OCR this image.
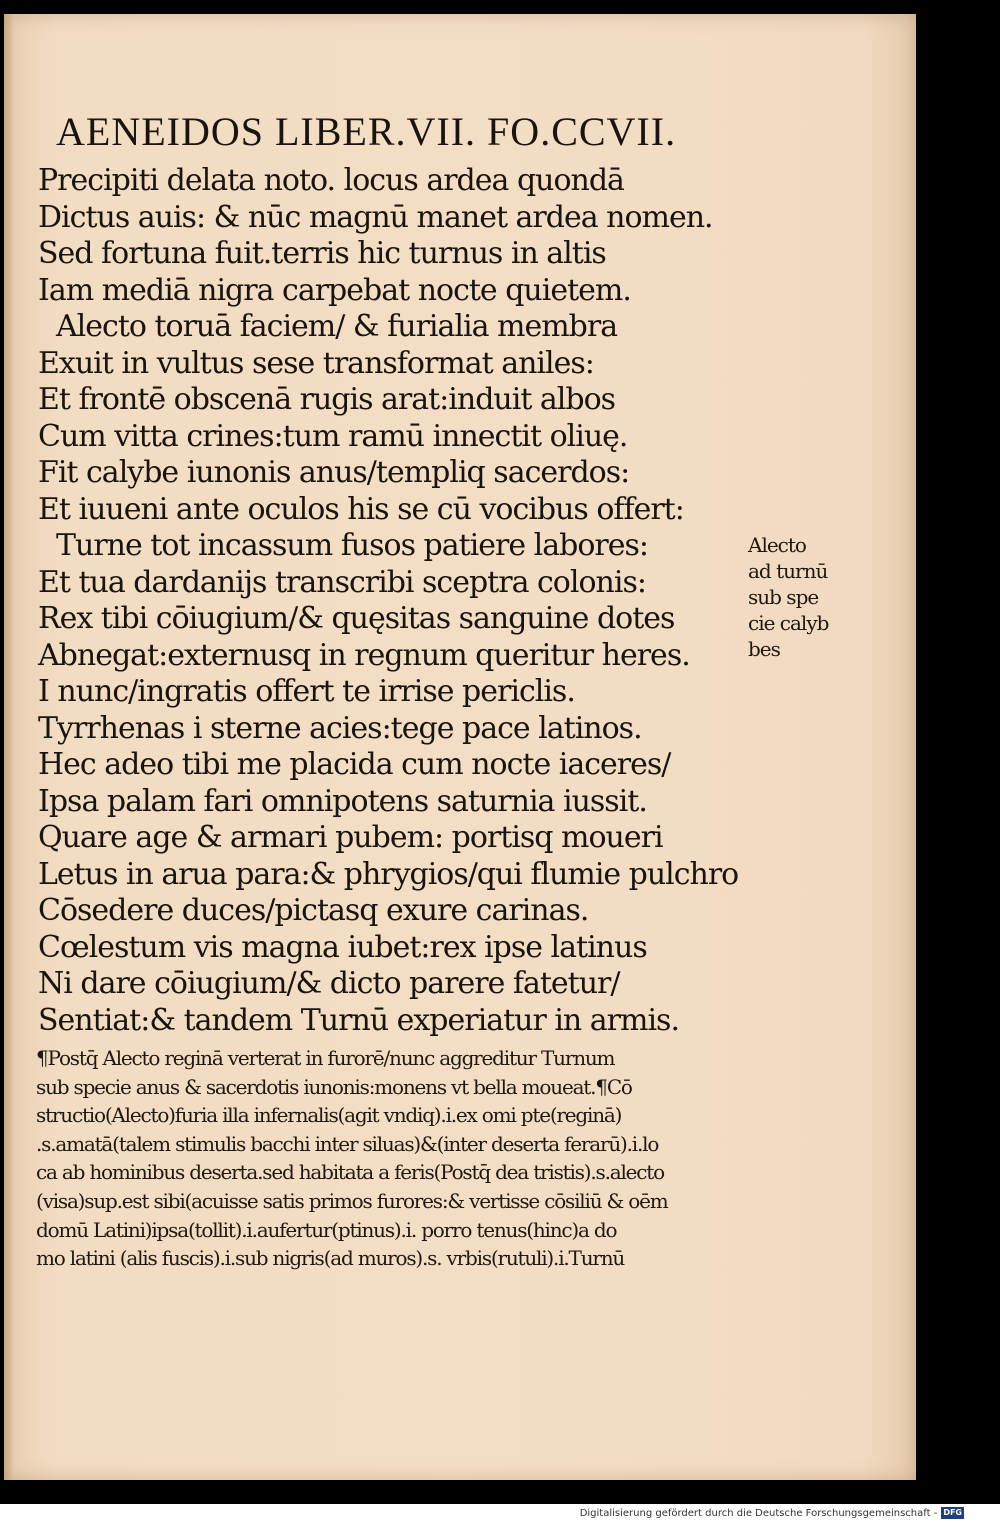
AENEIDOS LIBER.VII. FO.CCVII.
Precipiti delata noto. locus ardea quondā
Dictus auis: & nūc magnū manet ardea nomen.
Sed fortuna fuit.terris hic turnus in altis
Iam mediā nigra carpebat nocte quietem.
Alecto toruā faciem/ & furialia membra
Exuit in vultus sese transformat aniles:
Et frontē obscenā rugis arat:induit albos
Cum vitta crines:tum ramū innectit oliuę.
Fit calybe iunonis anus/templiq sacerdos:
Et iuueni ante oculos his se cū vocibus offert:
Turne tot incassum fusos patiere labores:
Et tua dardanijs transcribi sceptra colonis:
Rex tibi cōiugium/& quęsitas sanguine dotes
Abnegat:externusq in regnum queritur heres.
I nunc/ingratis offert te irrise periclis.
Tyrrhenas i sterne acies:tege pace latinos.
Hec adeo tibi me placida cum nocte iaceres/
Ipsa palam fari omnipotens saturnia iussit.
Quare age & armari pubem: portisq moueri
Letus in arua para:& phrygios/qui flumie pulchro
Cōsedere duces/pictasq exure carinas.
Cœlestum vis magna iubet:rex ipse latinus
Ni dare cōiugium/& dicto parere fatetur/
Sentiat:& tandem Turnū experiatur in armis.
Alecto
ad turnū
sub spe
cie calyb
bes
¶Postq̄ Alecto reginā verterat in furorē/nunc aggreditur Turnum
sub specie anus & sacerdotis iunonis:monens vt bella moueat.¶Cō
structio(Alecto)furia illa infernalis(agit vndiq).i.ex omi pte(reginā)
.s.amatā(talem stimulis bacchi inter siluas)&(inter deserta ferarū).i.lo
ca ab hominibus deserta.sed habitata a feris(Postq̄ dea tristis).s.alecto
(visa)sup.est sibi(acuisse satis primos furores:& vertisse cōsiliū & oēm
domū Latini)ipsa(tollit).i.aufertur(ptinus).i. porro tenus(hinc)a do
mo latini (alis fuscis).i.sub nigris(ad muros).s. vrbis(rutuli).i.Turnū
Digitalisierung gefördert durch die Deutsche Forschungsgemeinschaft - DFG
